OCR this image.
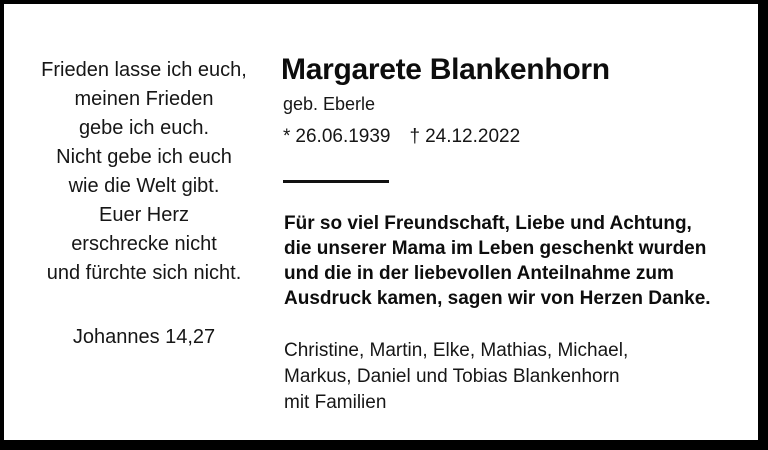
Frieden lasse ich euch,
meinen Frieden
gebe ich euch.
Nicht gebe ich euch
wie die Welt gibt.
Euer Herz
erschrecke nicht
und fürchte sich nicht.
Johannes 14,27
Margarete Blankenhorn
geb. Eberle
* 26.06.1939 † 24.12.2022
Für so viel Freundschaft, Liebe und Achtung,
die unserer Mama im Leben geschenkt wurden
und die in der liebevollen Anteilnahme zum
Ausdruck kamen, sagen wir von Herzen Danke.
Christine, Martin, Elke, Mathias, Michael,
Markus, Daniel und Tobias Blankenhorn
mit Familien
